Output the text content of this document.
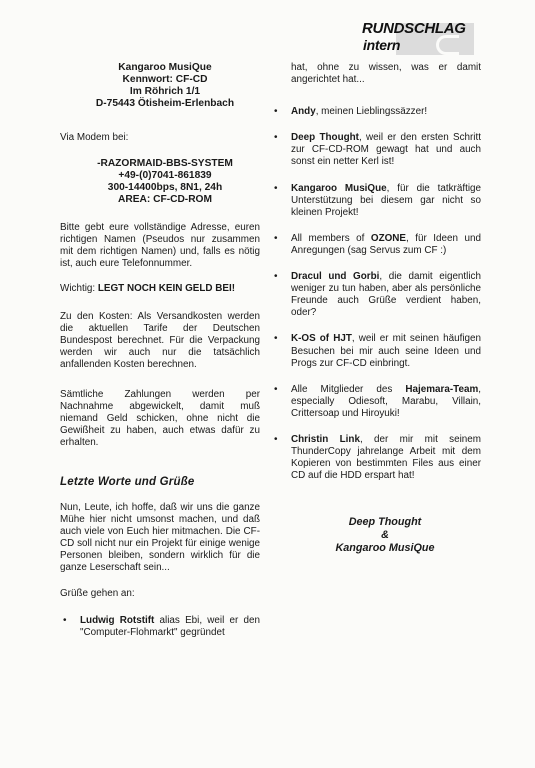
RUNDSCHLAG
intern
Kangaroo MusiQue
Kennwort: CF-CD
Im Röhrich 1/1
D-75443 Ötisheim-Erlenbach

Via Modem bei:

-RAZORMAID-BBS-SYSTEM
+49-(0)7041-861839
300-14400bps, 8N1, 24h
AREA: CF-CD-ROM

Bitte gebt eure vollständige Adresse, euren richtigen Namen (Pseudos nur zusammen mit dem richtigen Namen) und, falls es nötig ist, auch eure Telefonnummer.

Wichtig: LEGT NOCH KEIN GELD BEI!

Zu den Kosten: Als Versandkosten werden die aktuellen Tarife der Deutschen Bundespost berechnet. Für die Verpackung werden wir auch nur die tatsächlich anfallenden Kosten berechnen.

Sämtliche Zahlungen werden per Nachnahme abgewickelt, damit muß niemand Geld schicken, ohne nicht die Gewißheit zu haben, auch etwas dafür zu erhalten.

Letzte Worte und Grüße

Nun, Leute, ich hoffe, daß wir uns die ganze Mühe hier nicht umsonst machen, und daß auch viele von Euch hier mitmachen. Die CF-CD soll nicht nur ein Projekt für einige wenige Personen bleiben, sondern wirklich für die ganze Leserschaft sein...

Grüße gehen an:

• Ludwig Rotstift alias Ebi, weil er den "Computer-Flohmarkt" gegründet

hat, ohne zu wissen, was er damit angerichtet hat...

• Andy, meinen Lieblingssäzzer!
• Deep Thought, weil er den ersten Schritt zur CF-CD-ROM gewagt hat und auch sonst ein netter Kerl ist!
• Kangaroo MusiQue, für die tatkräftige Unterstützung bei diesem gar nicht so kleinen Projekt!
• All members of OZONE, für Ideen und Anregungen (sag Servus zum CF :)
• Dracul und Gorbi, die damit eigentlich weniger zu tun haben, aber als persönliche Freunde auch Grüße verdient haben, oder?
• K-OS of HJT, weil er mit seinen häufigen Besuchen bei mir auch seine Ideen und Progs zur CF-CD einbringt.
• Alle Mitglieder des Hajemara-Team, especially Odiesoft, Marabu, Villain, Crittersoap und Hiroyuki!
• Christin Link, der mir mit seinem ThunderCopy jahrelange Arbeit mit dem Kopieren von bestimmten Files aus einer CD auf die HDD erspart hat!
Deep Thought
&
Kangaroo MusiQue
